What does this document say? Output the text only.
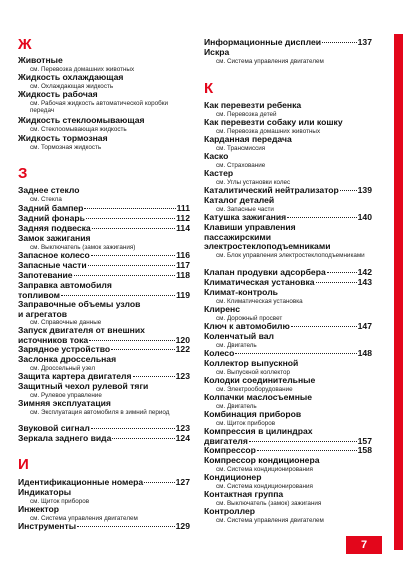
Ж
Животные
см. Перевозка домашних животных
Жидкость охлаждающая
см. Охлаждающая жидкость
Жидкость рабочая
см. Рабочая жидкость автоматической коробки передач
Жидкость стеклоомывающая
см. Стеклоомывающая жидкость
Жидкость тормозная
см. Тормозная жидкость
З
Заднее стекло
см. Стекла
Задний бампер	111
Задний фонарь	112
Задняя подвеска	114
Замок зажигания
см. Выключатель (замок зажигания)
Запасное колесо	116
Запасные части	117
Запотевание	118
Заправка автомобиля
топливом	119
Заправочные объемы узлов
и агрегатов
см. Справочные данные
Запуск двигателя от внешних
источников тока	120
Зарядное устройство	122
Заслонка дроссельная
см. Дроссельный узел
Защита картера двигателя	123
Защитный чехол рулевой тяги
см. Рулевое управление
Зимняя эксплуатация
см. Эксплуатация автомобиля в зимний период
Звуковой сигнал	123
Зеркала заднего вида	124
И
Идентификационные номера	127
Индикаторы
см. Щиток приборов
Инжектор
см. Система управления двигателем
Инструменты	129
Информационные дисплеи	137
Искра
см. Система управления двигателем
К
Как перевезти ребенка
см. Перевозка детей
Как перевезти собаку или кошку
см. Перевозка домашних животных
Карданная передача
см. Трансмиссия
Каско
см. Страхование
Кастер
см. Углы установки колес
Каталитический нейтрализатор 139
Каталог деталей
см. Запасные части
Катушка зажигания	140
Клавиши управления
пассажирскими
электростеклоподъемниками
см. Блок управления электростеклоподъемниками
Клапан продувки адсорбера	142
Климатическая установка	143
Климат-контроль
см. Климатическая установка
Клиренс
см. Дорожный просвет
Ключ к автомобилю	147
Коленчатый вал
см. Двигатель
Колесо	148
Коллектор выпускной
см. Выпускной коллектор
Колодки соединительные
см. Электрооборудование
Колпачки маслосъемные
см. Двигатель
Комбинация приборов
см. Щиток приборов
Компрессия в цилиндрах
двигателя	157
Компрессор	158
Компрессор кондиционера
см. Система кондиционирования
Кондиционер
см. Система кондиционирования
Контактная группа
см. Выключатель (замок) зажигания
Контроллер
см. Система управления двигателем
7
